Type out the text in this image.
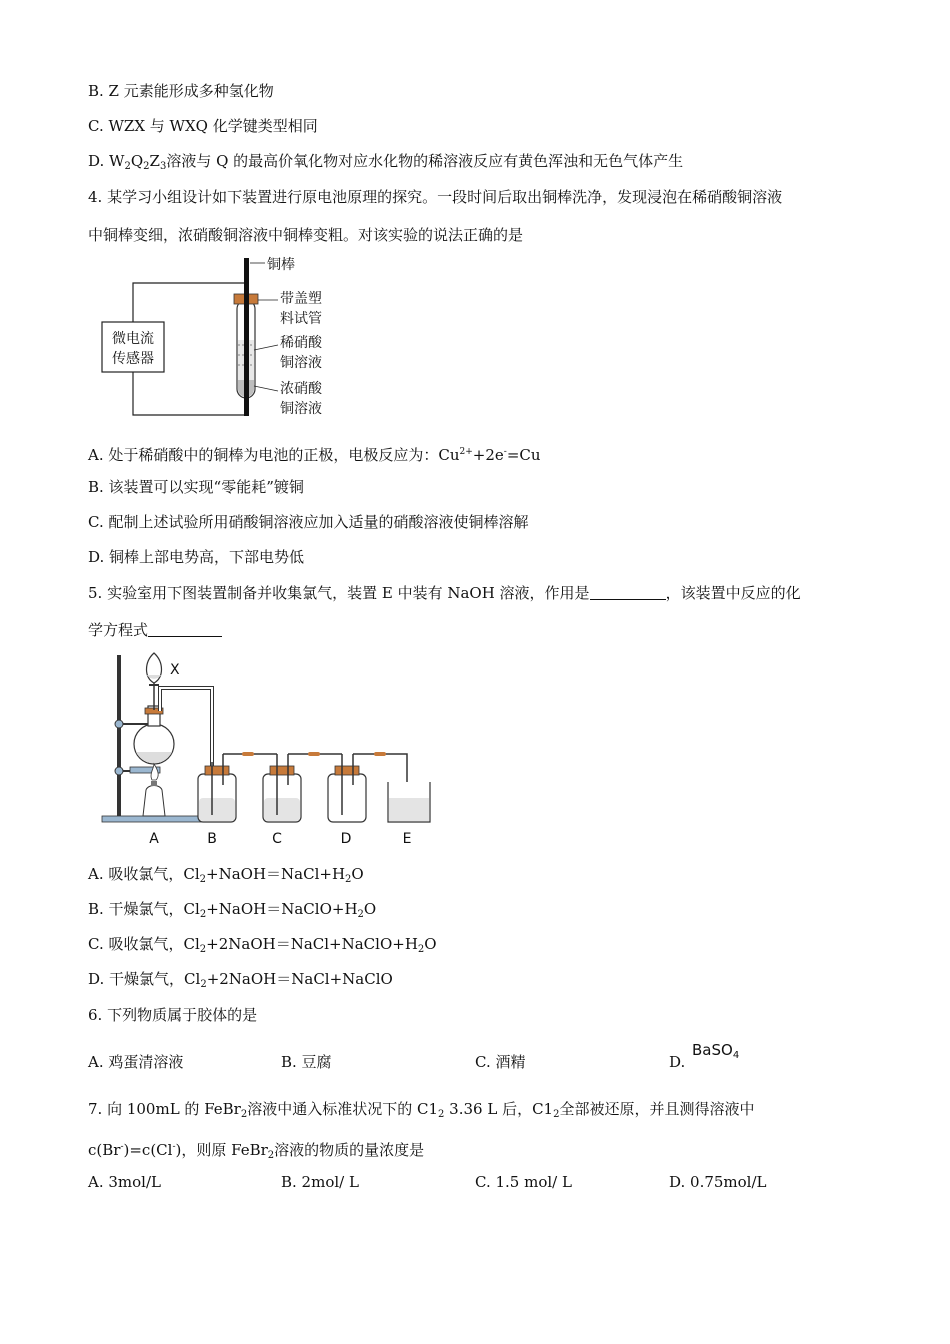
B. Z 元素能形成多种氢化物
C. WZX 与 WXQ 化学键类型相同
D. $W_2Q_2Z_3$溶液与 Q 的最高价氧化物对应水化物的稀溶液反应有黄色浑浊和无色气体产生
4. 某学习小组设计如下装置进行原电池原理的探究。一段时间后取出铜棒洗净，发现浸泡在稀硝酸铜溶液
中铜棒变细，浓硝酸铜溶液中铜棒变粗。对该实验的说法正确的是
微电流
传感器
铜棒
带盖塑
料试管
稀硝酸
铜溶液
浓硝酸
铜溶液
A. 处于稀硝酸中的铜棒为电池的正极，电极反应为：$Cu^{2+}+2e^-=Cu$
B. 该装置可以实现“零能耗”镀铜
C. 配制上述试验所用硝酸铜溶液应加入适量的硝酸溶液使铜棒溶解
D. 铜棒上部电势高，下部电势低
5. 实验室用下图装置制备并收集氯气，装置 E 中装有 NaOH 溶液，作用是	，该装置中反应的化
学方程式
X
A	B	C	D	E
A. 吸收氯气，$Cl_2+NaOH=NaCl+H_2O$
B. 干燥氯气，$Cl_2+NaOH=NaClO+H_2O$
C. 吸收氯气，$Cl_2+2NaOH=NaCl+NaClO+H_2O$
D. 干燥氯气，$Cl_2+2NaOH=NaCl+NaClO$
6. 下列物质属于胶体的是
A. 鸡蛋清溶液	B. 豆腐	C. 酒精	D.
BaSO$_4$
7. 向 100mL 的 FeBr$_2$溶液中通入标准状况下的 $C1_2$ 3.36 L 后，$C1_2$全部被还原，并且测得溶液中
c(Br-)=c(Cl-)，则原 FeBr$_2$溶液的物质的量浓度是
A. 3mol/L	B. 2mol/ L	C. 1.5 mol/ L	D. 0.75mol/L
